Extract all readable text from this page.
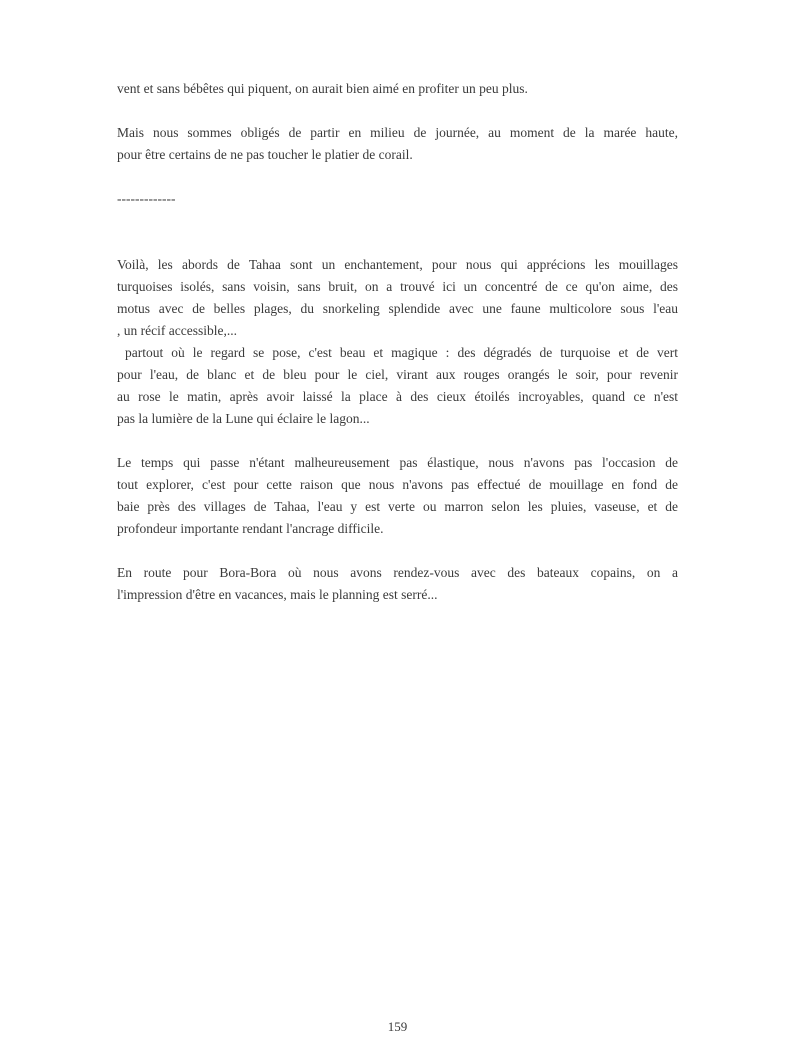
vent et sans bébêtes qui piquent, on aurait bien aimé en profiter un peu plus.
Mais nous sommes obligés de partir en milieu de journée, au moment de la marée haute,
pour être certains de ne pas toucher le platier de corail.
-------------
Voilà, les abords de Tahaa sont un enchantement, pour nous qui apprécions les mouillages
turquoises isolés, sans voisin, sans bruit, on a trouvé ici un concentré de ce qu'on aime, des
motus avec de belles plages, du snorkeling splendide avec une faune multicolore sous l'eau
, un récif accessible,...
partout où le regard se pose, c'est beau et magique : des dégradés de turquoise et de vert
pour l'eau, de blanc et de bleu pour le ciel, virant aux rouges orangés le soir, pour revenir
au rose le matin, après avoir laissé la place à des cieux étoilés incroyables, quand ce n'est
pas la lumière de la Lune qui éclaire le lagon...
Le temps qui passe n'étant malheureusement pas élastique, nous n'avons pas l'occasion de
tout explorer, c'est pour cette raison que nous n'avons pas effectué de mouillage en fond de
baie près des villages de Tahaa, l'eau y est verte ou marron selon les pluies, vaseuse, et de
profondeur importante rendant l'ancrage difficile.
En route pour Bora-Bora où nous avons rendez-vous avec des bateaux copains, on a
l'impression d'être en vacances, mais le planning est serré...
159
